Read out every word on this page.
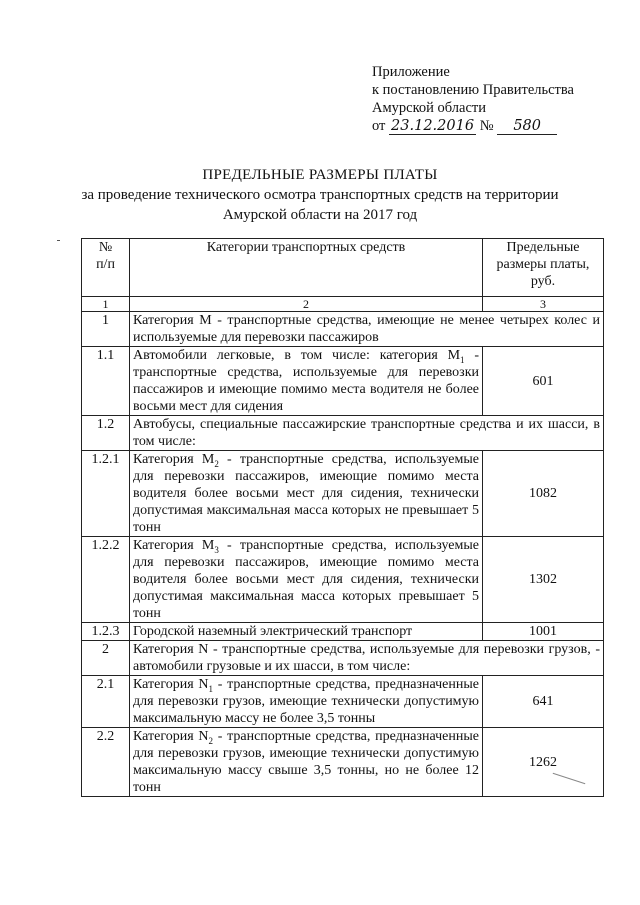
Приложение
к постановлению Правительства
Амурской области
от 23.12.2016 № 580
ПРЕДЕЛЬНЫЕ РАЗМЕРЫ ПЛАТЫ
за проведение технического осмотра транспортных средств на территории
Амурской области на 2017 год
№ п/п	Категории транспортных средств	Предельные размеры платы, руб.
1	2	3
1	Категория М - транспортные средства, имеющие не менее четырех колес и используемые для перевозки пассажиров	
1.1	Автомобили легковые, в том числе: категория $М_1$ - транспортные средства, используемые для перевозки пассажиров и имеющие помимо места водителя не более восьми мест для сидения	601
1.2	Автобусы, специальные пассажирские транспортные средства и их шасси, в том числе:	
1.2.1	Категория $М_2$ - транспортные средства, используемые для перевозки пассажиров, имеющие помимо места водителя более восьми мест для сидения, технически допустимая максимальная масса которых не превышает 5 тонн	1082
1.2.2	Категория $М_3$ - транспортные средства, используемые для перевозки пассажиров, имеющие помимо места водителя более восьми мест для сидения, технически допустимая максимальная масса которых превышает 5 тонн	1302
1.2.3	Городской наземный электрический транспорт	1001
2	Категория N - транспортные средства, используемые для перевозки грузов, - автомобили грузовые и их шасси, в том числе:	
2.1	Категория $N_1$ - транспортные средства, предназначенные для перевозки грузов, имеющие технически допустимую максимальную массу не более 3,5 тонны	641
2.2	Категория $N_2$ - транспортные средства, предназначенные для перевозки грузов, имеющие технически допустимую максимальную массу свыше 3,5 тонны, но не более 12 тонн	1262
